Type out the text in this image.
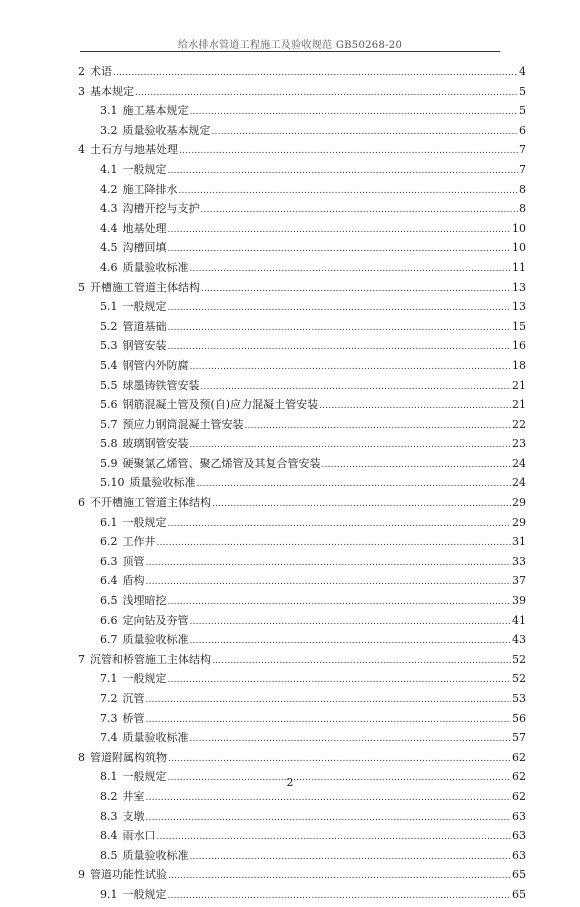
给水排水管道工程施工及验收规范 GB50268-20
2 术语 .....	4
3 基本规定 .....	5
3.1 施工基本规定 .....	5
3.2 质量验收基本规定 .....	6
4 土石方与地基处理 .....	7
4.1 一般规定 .....	7
4.2 施工降排水 .....	8
4.3 沟槽开挖与支护 .....	8
4.4 地基处理 .....	10
4.5 沟槽回填 .....	10
4.6 质量验收标准 .....	11
5 开槽施工管道主体结构 .....	13
5.1 一般规定 .....	13
5.2 管道基础 .....	15
5.3 钢管安装 .....	16
5.4 钢管内外防腐 .....	18
5.5 球墨铸铁管安装 .....	21
5.6 钢筋混凝土管及预(自)应力混凝土管安装 .....	21
5.7 预应力钢筒混凝土管安装 .....	22
5.8 玻璃钢管安装 .....	23
5.9 硬聚氯乙烯管、聚乙烯管及其复合管安装 .....	24
5.10 质量验收标准 .....	24
6 不开槽施工管道主体结构 .....	29
6.1 一般规定 .....	29
6.2 工作井 .....	31
6.3 顶管 .....	33
6.4 盾构 .....	37
6.5 浅埋暗挖 .....	39
6.6 定向钻及夯管 .....	41
6.7 质量验收标准 .....	43
7 沉管和桥管施工主体结构 .....	52
7.1 一般规定 .....	52
7.2 沉管 .....	53
7.3 桥管 .....	56
7.4 质量验收标准 .....	57
8 管道附属构筑物 .....	62
8.1 一般规定 .....	62
8.2 井室 .....	62
8.3 支墩 .....	63
8.4 雨水口 .....	63
8.5 质量验收标准 .....	63
9 管道功能性试验 .....	65
9.1 一般规定 .....	65
2
